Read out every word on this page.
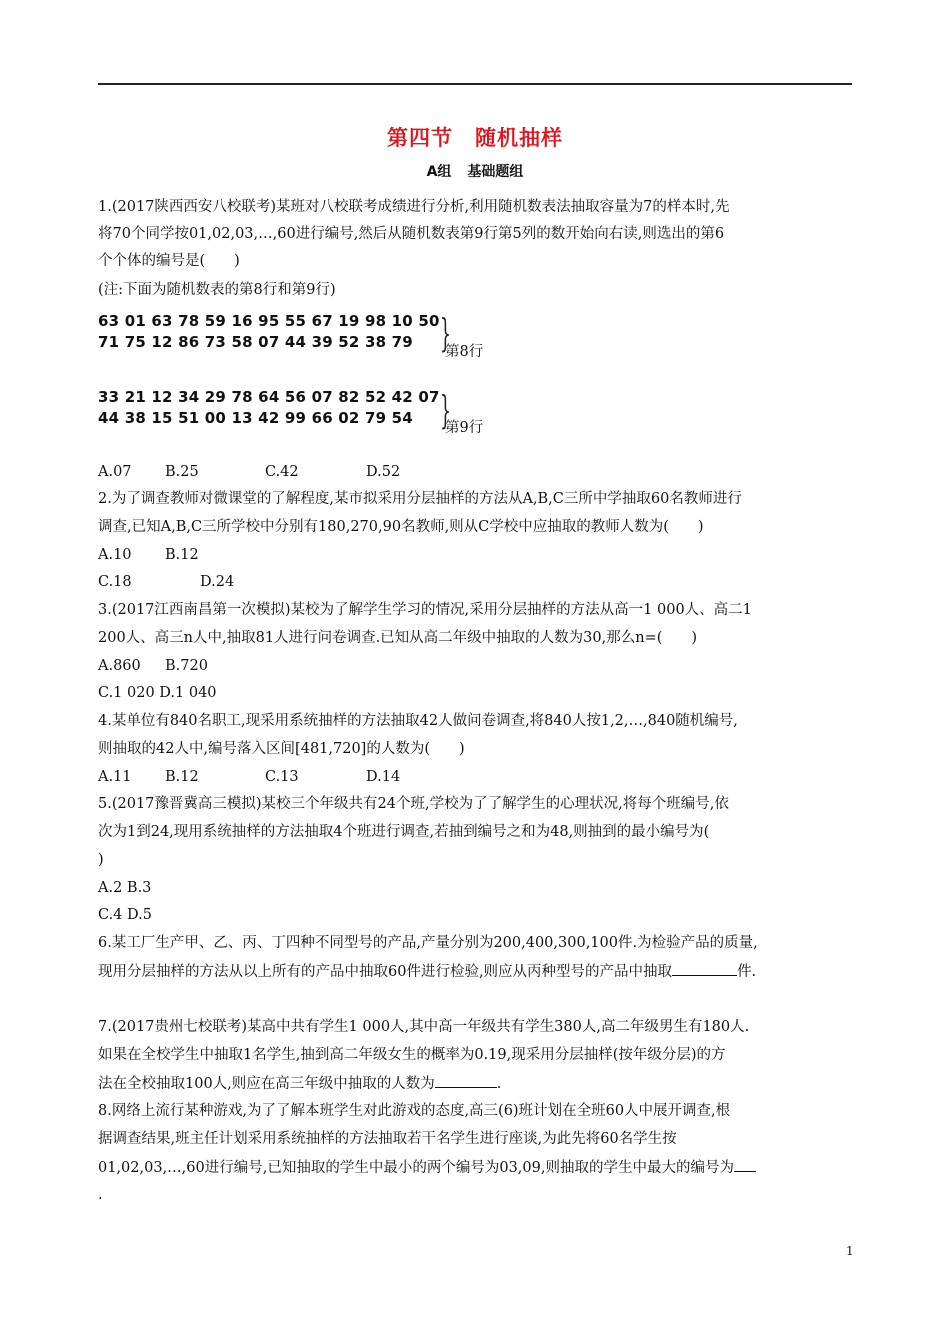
第四节 随机抽样
A组 基础题组
1.(2017陕西西安八校联考)某班对八校联考成绩进行分析,利用随机数表法抽取容量为7的样本时,先
将70个同学按01,02,03,…,60进行编号,然后从随机数表第9行第5列的数开始向右读,则选出的第6
个个体的编号是(　　)
(注:下面为随机数表的第8行和第9行)
63 01 63 78 59 16 95 55 67 19 98 10 50
71 75 12 86 73 58 07 44 39 52 38 79 }
第8行
33 21 12 34 29 78 64 56 07 82 52 42 07
44 38 15 51 00 13 42 99 66 02 79 54 }
第9行
A.07 B.25	C.42	D.52
2.为了调查教师对微课堂的了解程度,某市拟采用分层抽样的方法从A,B,C三所中学抽取60名教师进行
调查,已知A,B,C三所学校中分别有180,270,90名教师,则从C学校中应抽取的教师人数为(　　)
A.10 B.12
C.18	D.24
3.(2017江西南昌第一次模拟)某校为了解学生学习的情况,采用分层抽样的方法从高一1 000人、高二1
200人、高三n人中,抽取81人进行问卷调查.已知从高二年级中抽取的人数为30,那么n=(　　)
A.860 B.720
C.1 020 D.1 040
4.某单位有840名职工,现采用系统抽样的方法抽取42人做问卷调查,将840人按1,2,…,840随机编号,
则抽取的42人中,编号落入区间[481,720]的人数为(　　)
A.11 B.12	C.13	D.14
5.(2017豫晋冀高三模拟)某校三个年级共有24个班,学校为了了解学生的心理状况,将每个班编号,依
次为1到24,现用系统抽样的方法抽取4个班进行调查,若抽到编号之和为48,则抽到的最小编号为(
)
A.2 B.3
C.4 D.5
6.某工厂生产甲、乙、丙、丁四种不同型号的产品,产量分别为200,400,300,100件.为检验产品的质量,
现用分层抽样的方法从以上所有的产品中抽取60件进行检验,则应从丙种型号的产品中抽取	件.
7.(2017贵州七校联考)某高中共有学生1 000人,其中高一年级共有学生380人,高二年级男生有180人.
如果在全校学生中抽取1名学生,抽到高二年级女生的概率为0.19,现采用分层抽样(按年级分层)的方
法在全校抽取100人,则应在高三年级中抽取的人数为	.
8.网络上流行某种游戏,为了了解本班学生对此游戏的态度,高三(6)班计划在全班60人中展开调查,根
据调查结果,班主任计划采用系统抽样的方法抽取若干名学生进行座谈,为此先将60名学生按
01,02,03,…,60进行编号,已知抽取的学生中最小的两个编号为03,09,则抽取的学生中最大的编号为
.
1
